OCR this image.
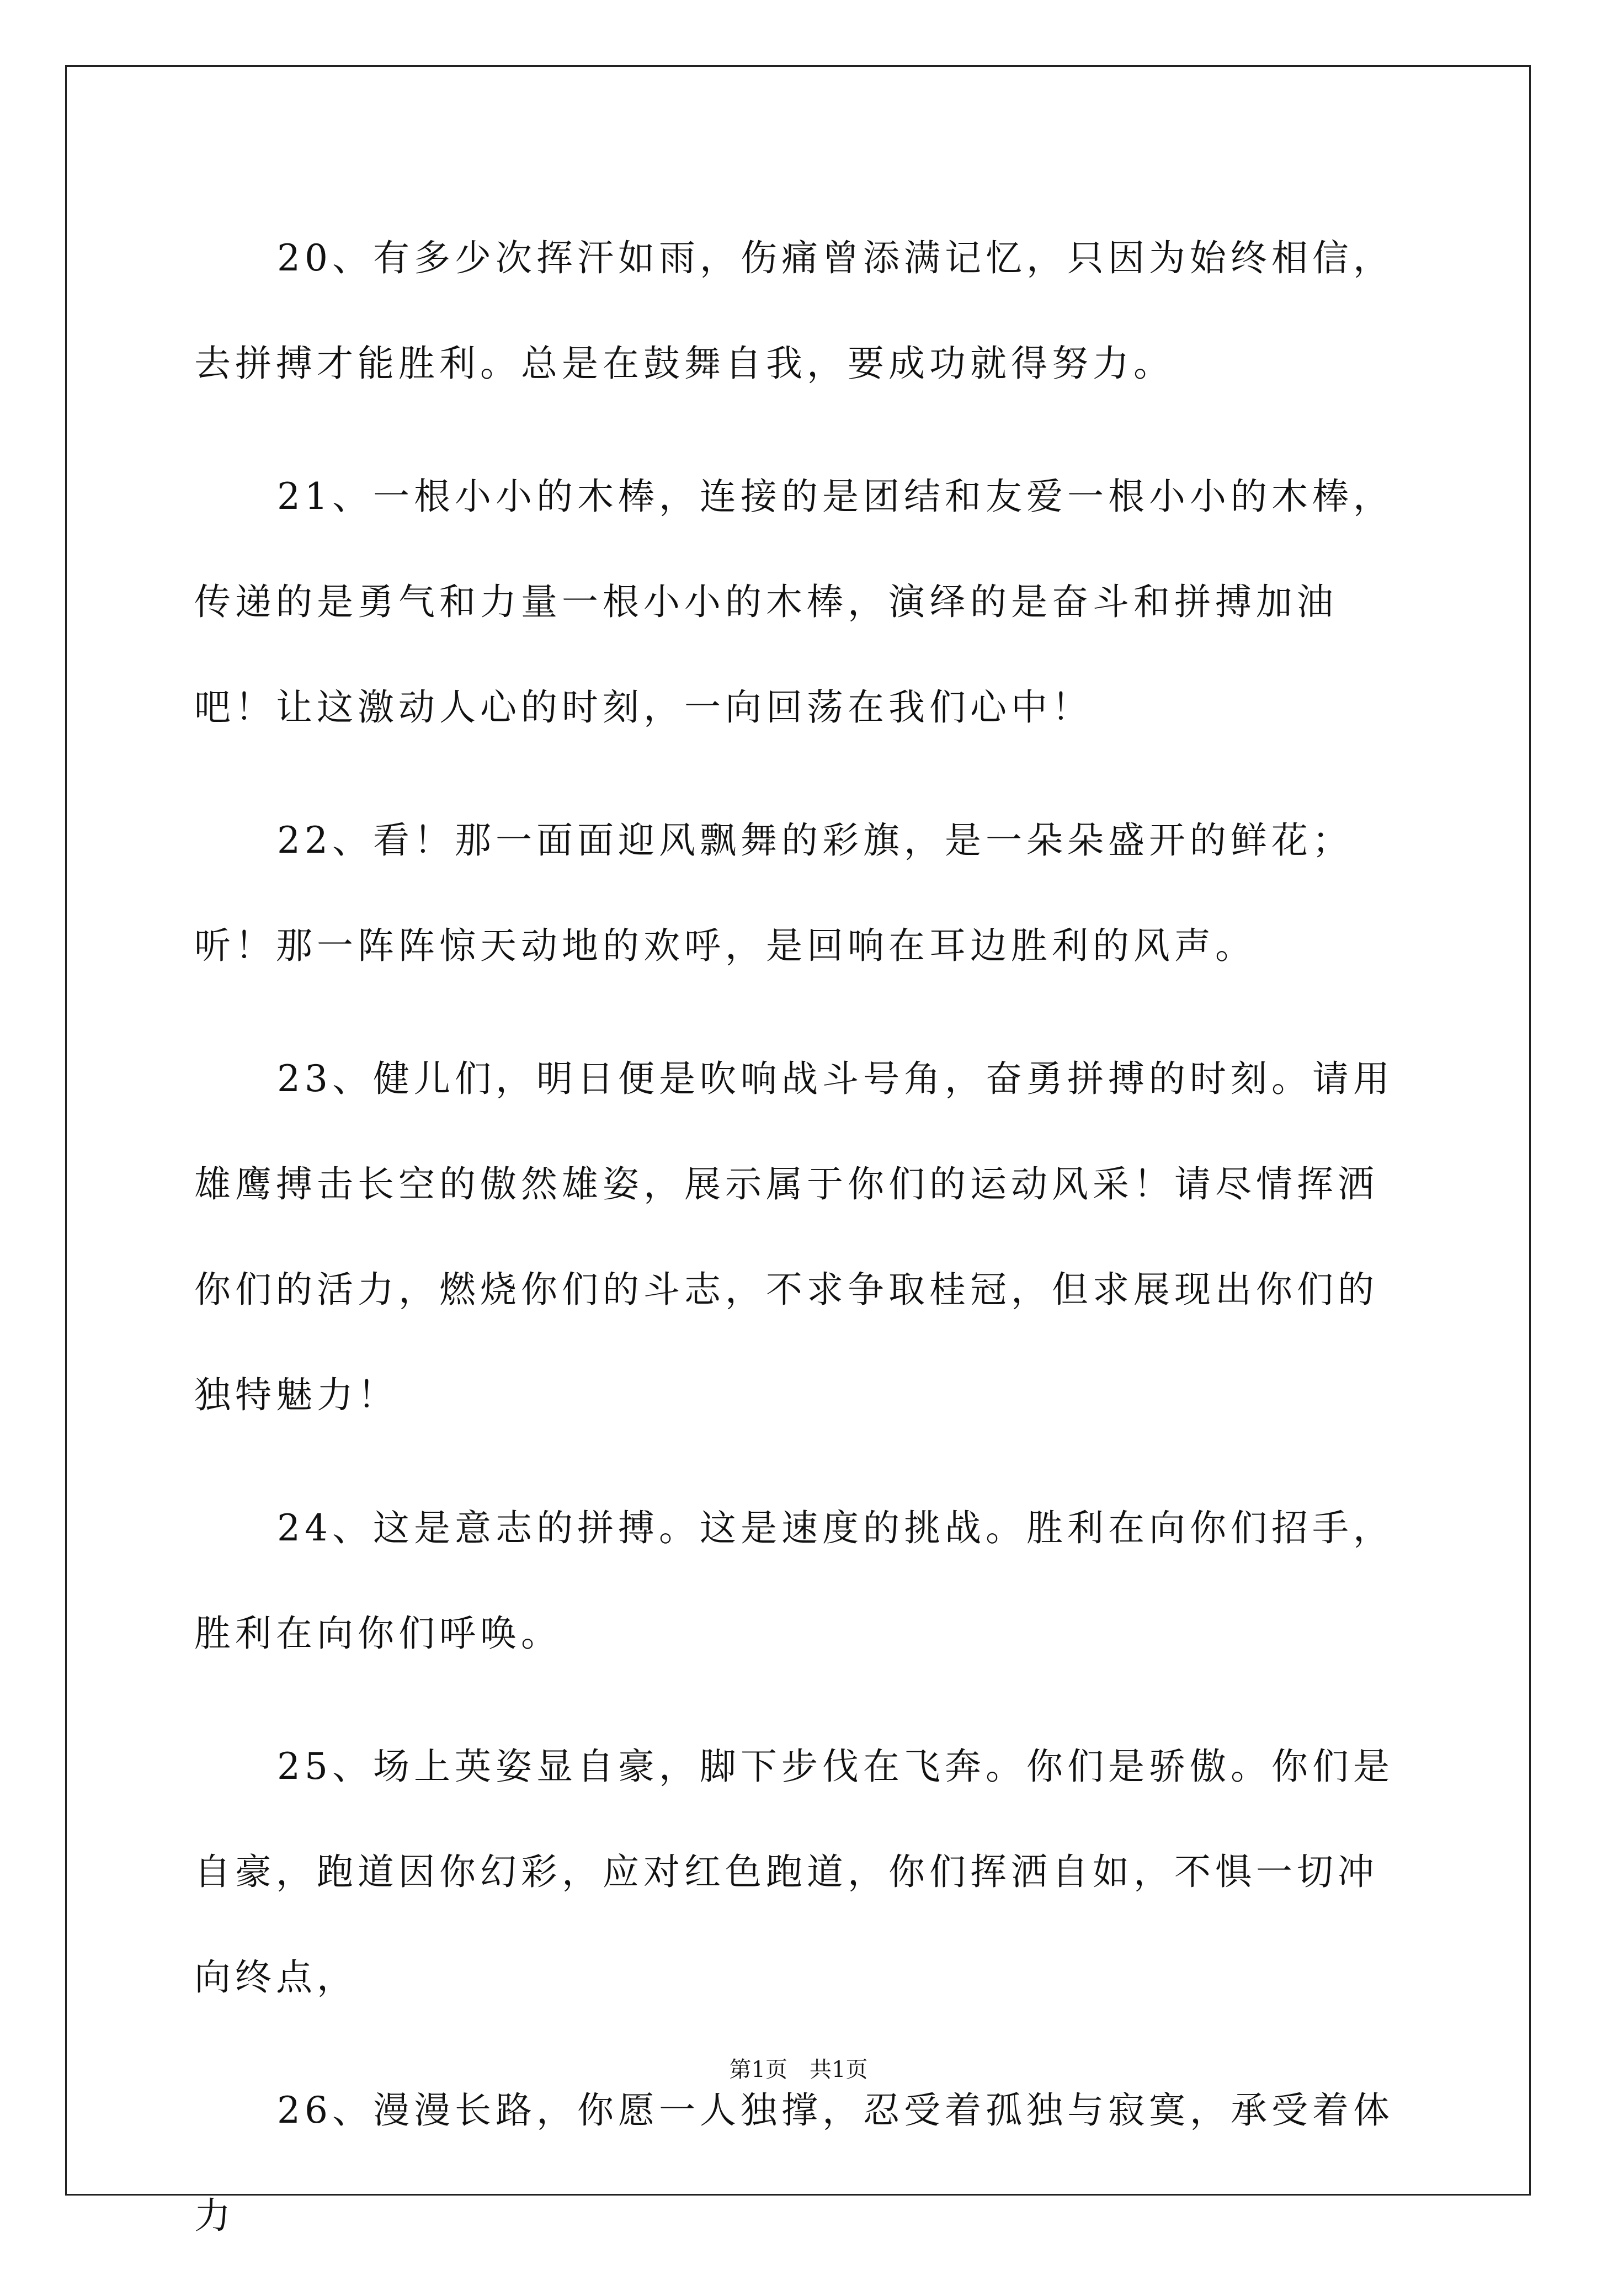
20、有多少次挥汗如雨，伤痛曾添满记忆，只因为始终相信，去拼搏才能胜利。总是在鼓舞自我，要成功就得努力。

21、一根小小的木棒，连接的是团结和友爱一根小小的木棒，传递的是勇气和力量一根小小的木棒，演绎的是奋斗和拼搏加油吧！让这激动人心的时刻，一向回荡在我们心中！

22、看！那一面面迎风飘舞的彩旗，是一朵朵盛开的鲜花；听！那一阵阵惊天动地的欢呼，是回响在耳边胜利的风声。

23、健儿们，明日便是吹响战斗号角，奋勇拼搏的时刻。请用雄鹰搏击长空的傲然雄姿，展示属于你们的运动风采！请尽情挥洒你们的活力，燃烧你们的斗志，不求争取桂冠，但求展现出你们的独特魅力！

24、这是意志的拼搏。这是速度的挑战。胜利在向你们招手，胜利在向你们呼唤。

25、场上英姿显自豪，脚下步伐在飞奔。你们是骄傲。你们是自豪，跑道因你幻彩，应对红色跑道，你们挥洒自如，不惧一切冲向终点，

26、漫漫长路，你愿一人独撑，忍受着孤独与寂寞，承受着体力

第1页　共1页
